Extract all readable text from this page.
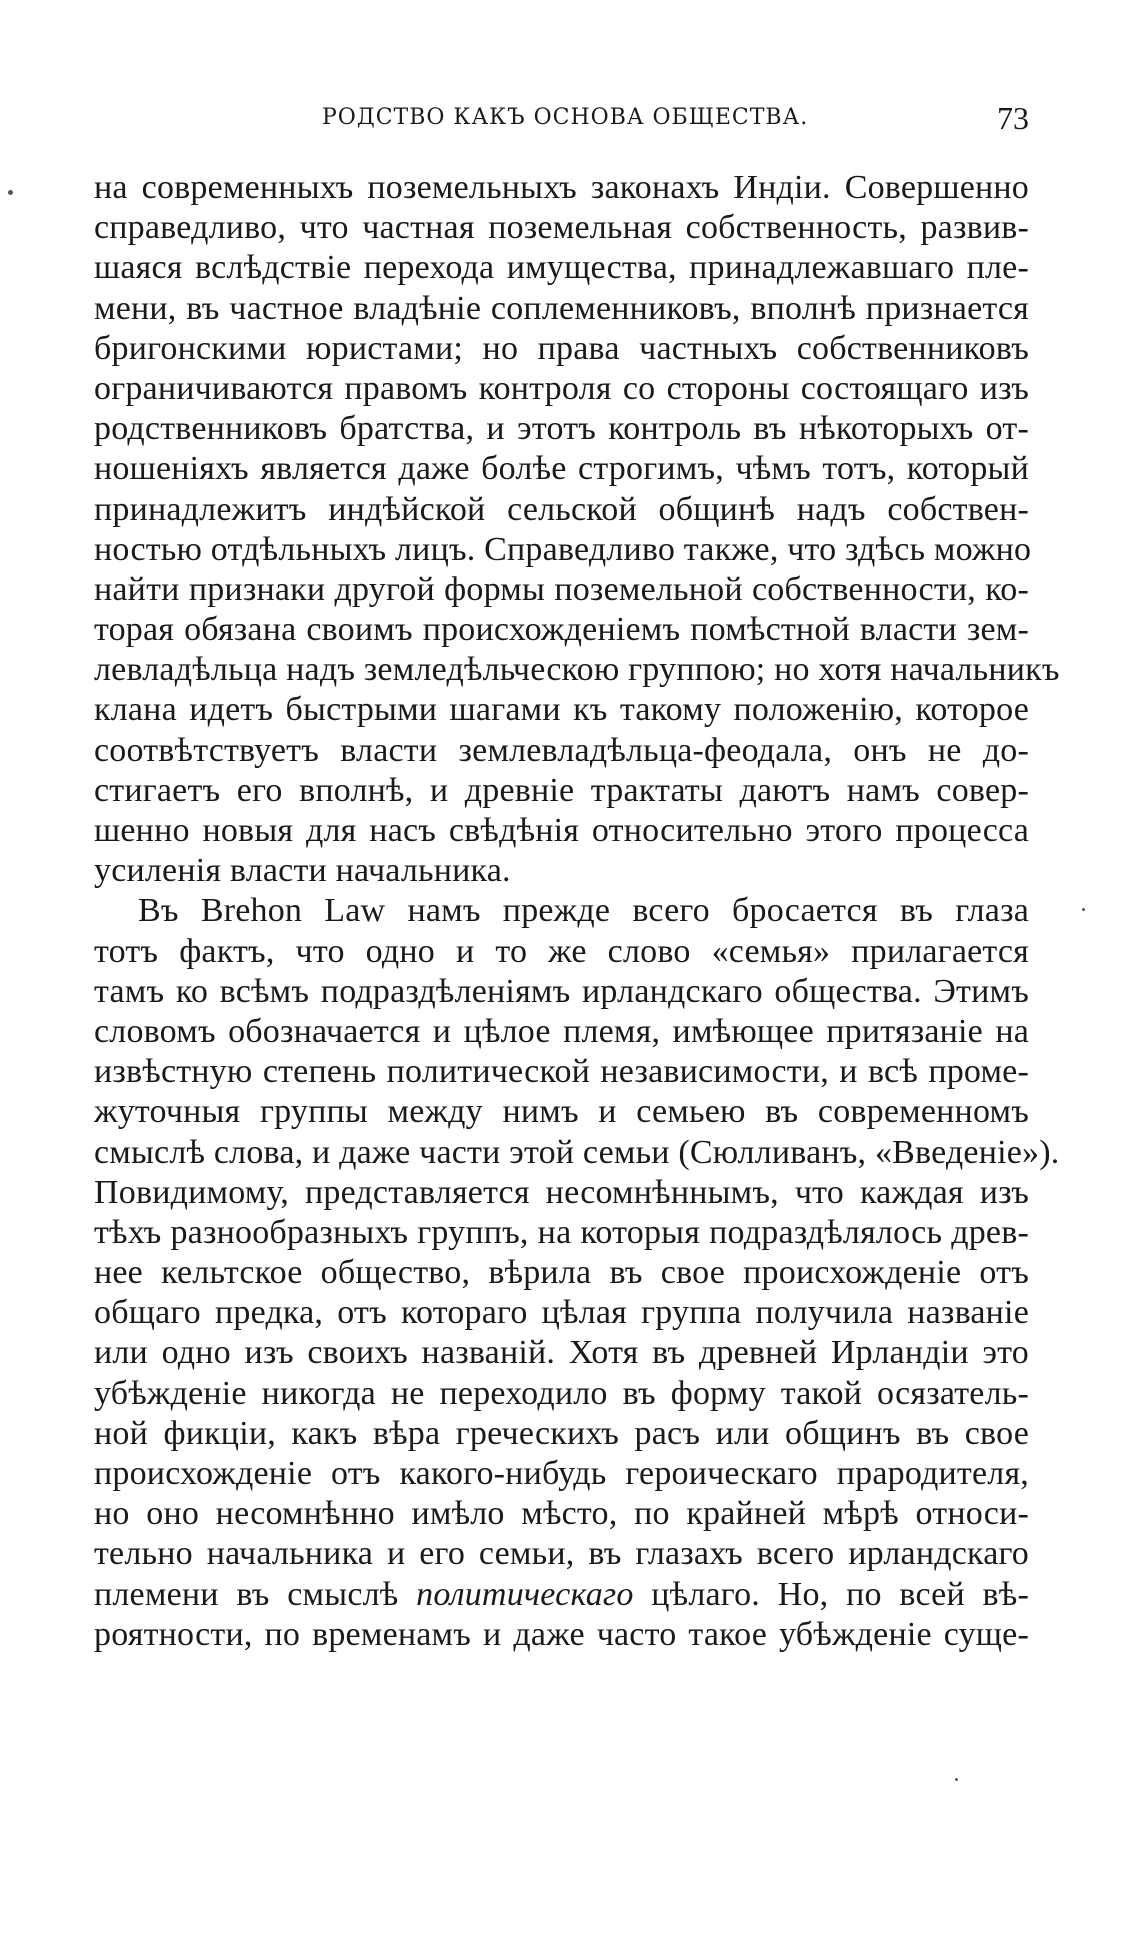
РОДСТВО КАКЪ ОСНОВА ОБЩЕСТВА.	73
на современныхъ поземельныхъ законахъ Индіи. Совершенно
справедливо, что частная поземельная собственность, развив-
шаяся вслѣдствіе перехода имущества, принадлежавшаго пле-
мени, въ частное владѣніе соплеменниковъ, вполнѣ признается
бригонскими юристами; но права частныхъ собственниковъ
ограничиваются правомъ контроля со стороны состоящаго изъ
родственниковъ братства, и этотъ контроль въ нѣкоторыхъ от-
ношеніяхъ является даже болѣе строгимъ, чѣмъ тотъ, который
принадлежитъ индѣйской сельской общинѣ надъ собствен-
ностью отдѣльныхъ лицъ. Справедливо также, что здѣсь можно
найти признаки другой формы поземельной собственности, ко-
торая обязана своимъ происхожденіемъ помѣстной власти зем-
левладѣльца надъ земледѣльческою группою; но хотя начальникъ
клана идетъ быстрыми шагами къ такому положенію, которое
соотвѣтствуетъ власти землевладѣльца-феодала, онъ не до-
стигаетъ его вполнѣ, и древніе трактаты даютъ намъ совер-
шенно новыя для насъ свѣдѣнія относительно этого процесса
усиленія власти начальника.
Въ Brehon Law намъ прежде всего бросается въ глаза
тотъ фактъ, что одно и то же слово «семья» прилагается
тамъ ко всѣмъ подраздѣленіямъ ирландскаго общества. Этимъ
словомъ обозначается и цѣлое племя, имѣющее притязаніе на
извѣстную степень политической независимости, и всѣ проме-
жуточныя группы между нимъ и семьею въ современномъ
смыслѣ слова, и даже части этой семьи (Сюлливанъ, «Введеніе»).
Повидимому, представляется несомнѣннымъ, что каждая изъ
тѣхъ разнообразныхъ группъ, на которыя подраздѣлялось древ-
нее кельтское общество, вѣрила въ свое происхожденіе отъ
общаго предка, отъ котораго цѣлая группа получила названіе
или одно изъ своихъ названій. Хотя въ древней Ирландіи это
убѣжденіе никогда не переходило въ форму такой осязатель-
ной фикціи, какъ вѣра греческихъ расъ или общинъ въ свое
происхожденіе отъ какого-нибудь героическаго прародителя,
но оно несомнѣнно имѣло мѣсто, по крайней мѣрѣ относи-
тельно начальника и его семьи, въ глазахъ всего ирландскаго
племени въ смыслѣ политическаго цѣлаго. Но, по всей вѣ-
роятности, по временамъ и даже часто такое убѣжденіе суще-
